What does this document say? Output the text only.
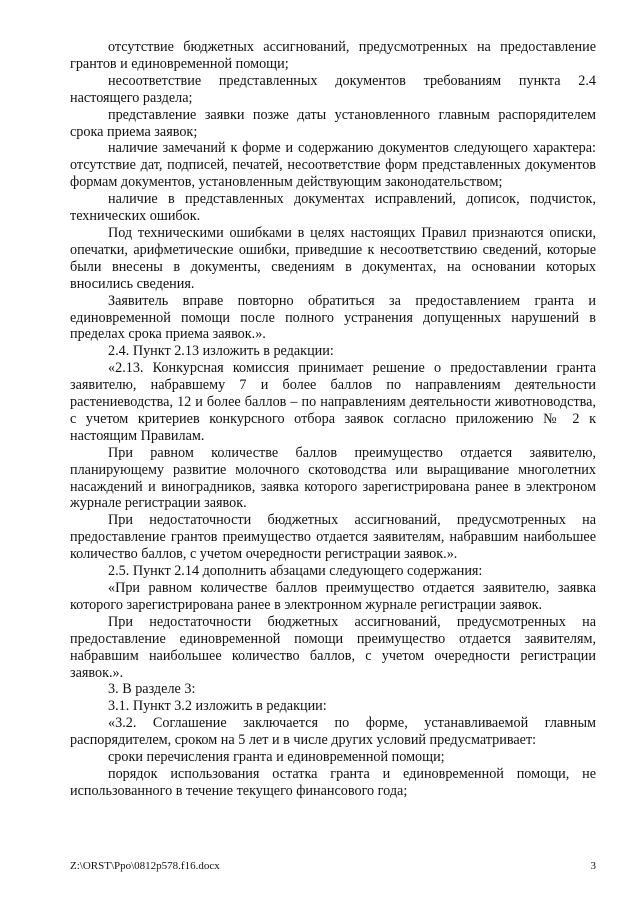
отсутствие бюджетных ассигнований, предусмотренных на предоставление грантов и единовременной помощи;

несоответствие представленных документов требованиям пункта 2.4 настоящего раздела;

представление заявки позже даты установленного главным распорядителем срока приема заявок;

наличие замечаний к форме и содержанию документов следующего характера: отсутствие дат, подписей, печатей, несоответствие форм представленных документов формам документов, установленным действующим законодательством;

наличие в представленных документах исправлений, дописок, подчисток, технических ошибок.

Под техническими ошибками в целях настоящих Правил признаются описки, опечатки, арифметические ошибки, приведшие к несоответствию сведений, которые были внесены в документы, сведениям в документах, на основании которых вносились сведения.

Заявитель вправе повторно обратиться за предоставлением гранта и единовременной помощи после полного устранения допущенных нарушений в пределах срока приема заявок.».

2.4. Пункт 2.13 изложить в редакции:

«2.13. Конкурсная комиссия принимает решение о предоставлении гранта заявителю, набравшему 7 и более баллов по направлениям деятельности растениеводства, 12 и более баллов – по направлениям деятельности животноводства, с учетом критериев конкурсного отбора заявок согласно приложению № 2 к настоящим Правилам.

При равном количестве баллов преимущество отдается заявителю, планирующему развитие молочного скотоводства или выращивание многолетних насаждений и виноградников, заявка которого зарегистрирована ранее в электроном журнале регистрации заявок.

При недостаточности бюджетных ассигнований, предусмотренных на предоставление грантов преимущество отдается заявителям, набравшим наибольшее количество баллов, с учетом очередности регистрации заявок.».

2.5. Пункт 2.14 дополнить абзацами следующего содержания:

«При равном количестве баллов преимущество отдается заявителю, заявка которого зарегистрирована ранее в электронном журнале регистрации заявок.

При недостаточности бюджетных ассигнований, предусмотренных на предоставление единовременной помощи преимущество отдается заявителям, набравшим наибольшее количество баллов, с учетом очередности регистрации заявок.».

3. В разделе 3:

3.1. Пункт 3.2 изложить в редакции:

«3.2. Соглашение заключается по форме, устанавливаемой главным распорядителем, сроком на 5 лет и в числе других условий предусматривает:

сроки перечисления гранта и единовременной помощи;

порядок использования остатка гранта и единовременной помощи, не использованного в течение текущего финансового года;

Z:\ORST\Ppo\0812p578.f16.docx	3
